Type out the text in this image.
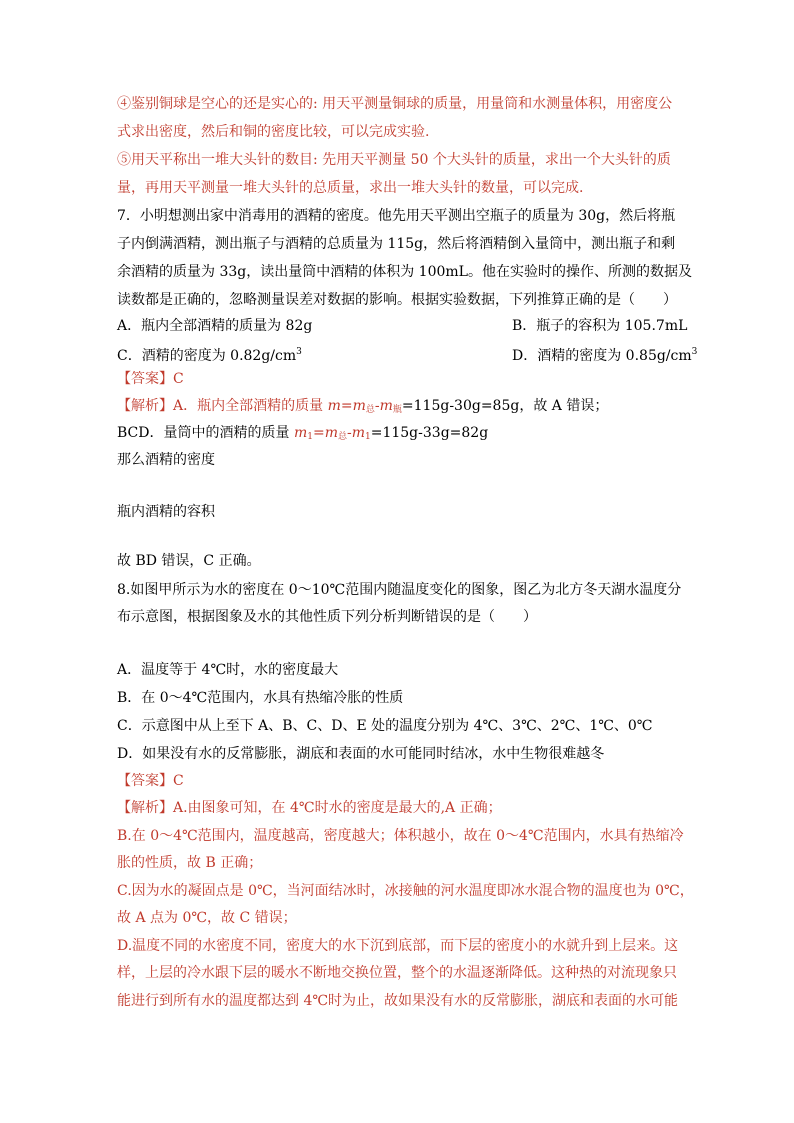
④鉴别铜球是空心的还是实心的: 用天平测量铜球的质量，用量筒和水测量体积，用密度公
式求出密度，然后和铜的密度比较，可以完成实验.
⑤用天平称出一堆大头针的数目: 先用天平测量 50 个大头针的质量，求出一个大头针的质
量，再用天平测量一堆大头针的总质量，求出一堆大头针的数量，可以完成.
7．小明想测出家中消毒用的酒精的密度。他先用天平测出空瓶子的质量为 30g，然后将瓶
子内倒满酒精，测出瓶子与酒精的总质量为 115g，然后将酒精倒入量筒中，测出瓶子和剩
余酒精的质量为 33g，读出量筒中酒精的体积为 100mL。他在实验时的操作、所测的数据及
读数都是正确的，忽略测量误差对数据的影响。根据实验数据，下列推算正确的是（　　）
A．瓶内全部酒精的质量为 82g	B．瓶子的容积为 105.7mL
C．酒精的密度为 $0.82g/cm^3$	D．酒精的密度为 $0.85g/cm^3$
【答案】C
【解析】A．瓶内全部酒精的质量 $m=m_总-m_瓶=115g-30g=85g$，故 A 错误；
BCD．量筒中的酒精的质量 $m_1=m_总-m_1=115g-33g=82g$
那么酒精的密度
瓶内酒精的容积
故 BD 错误，C 正确。
8.如图甲所示为水的密度在 0～10℃范围内随温度变化的图象，图乙为北方冬天湖水温度分
布示意图，根据图象及水的其他性质下列分析判断错误的是（　　）
A．温度等于 4℃时，水的密度最大
B．在 0～4℃范围内，水具有热缩冷胀的性质
C．示意图中从上至下 A、B、C、D、E 处的温度分别为 4℃、3℃、2℃、1℃、0℃
D．如果没有水的反常膨胀，湖底和表面的水可能同时结冰，水中生物很难越冬
【答案】C
【解析】A.由图象可知，在 4℃时水的密度是最大的,A 正确；
B.在 0～4℃范围内，温度越高，密度越大；体积越小，故在 0～4℃范围内，水具有热缩冷
胀的性质，故 B 正确；
C.因为水的凝固点是 0℃，当河面结冰时，冰接触的河水温度即冰水混合物的温度也为 0℃，
故 A 点为 0℃，故 C 错误；
D.温度不同的水密度不同，密度大的水下沉到底部，而下层的密度小的水就升到上层来。这
样，上层的冷水跟下层的暖水不断地交换位置，整个的水温逐渐降低。这种热的对流现象只
能进行到所有水的温度都达到 4℃时为止，故如果没有水的反常膨胀，湖底和表面的水可能
